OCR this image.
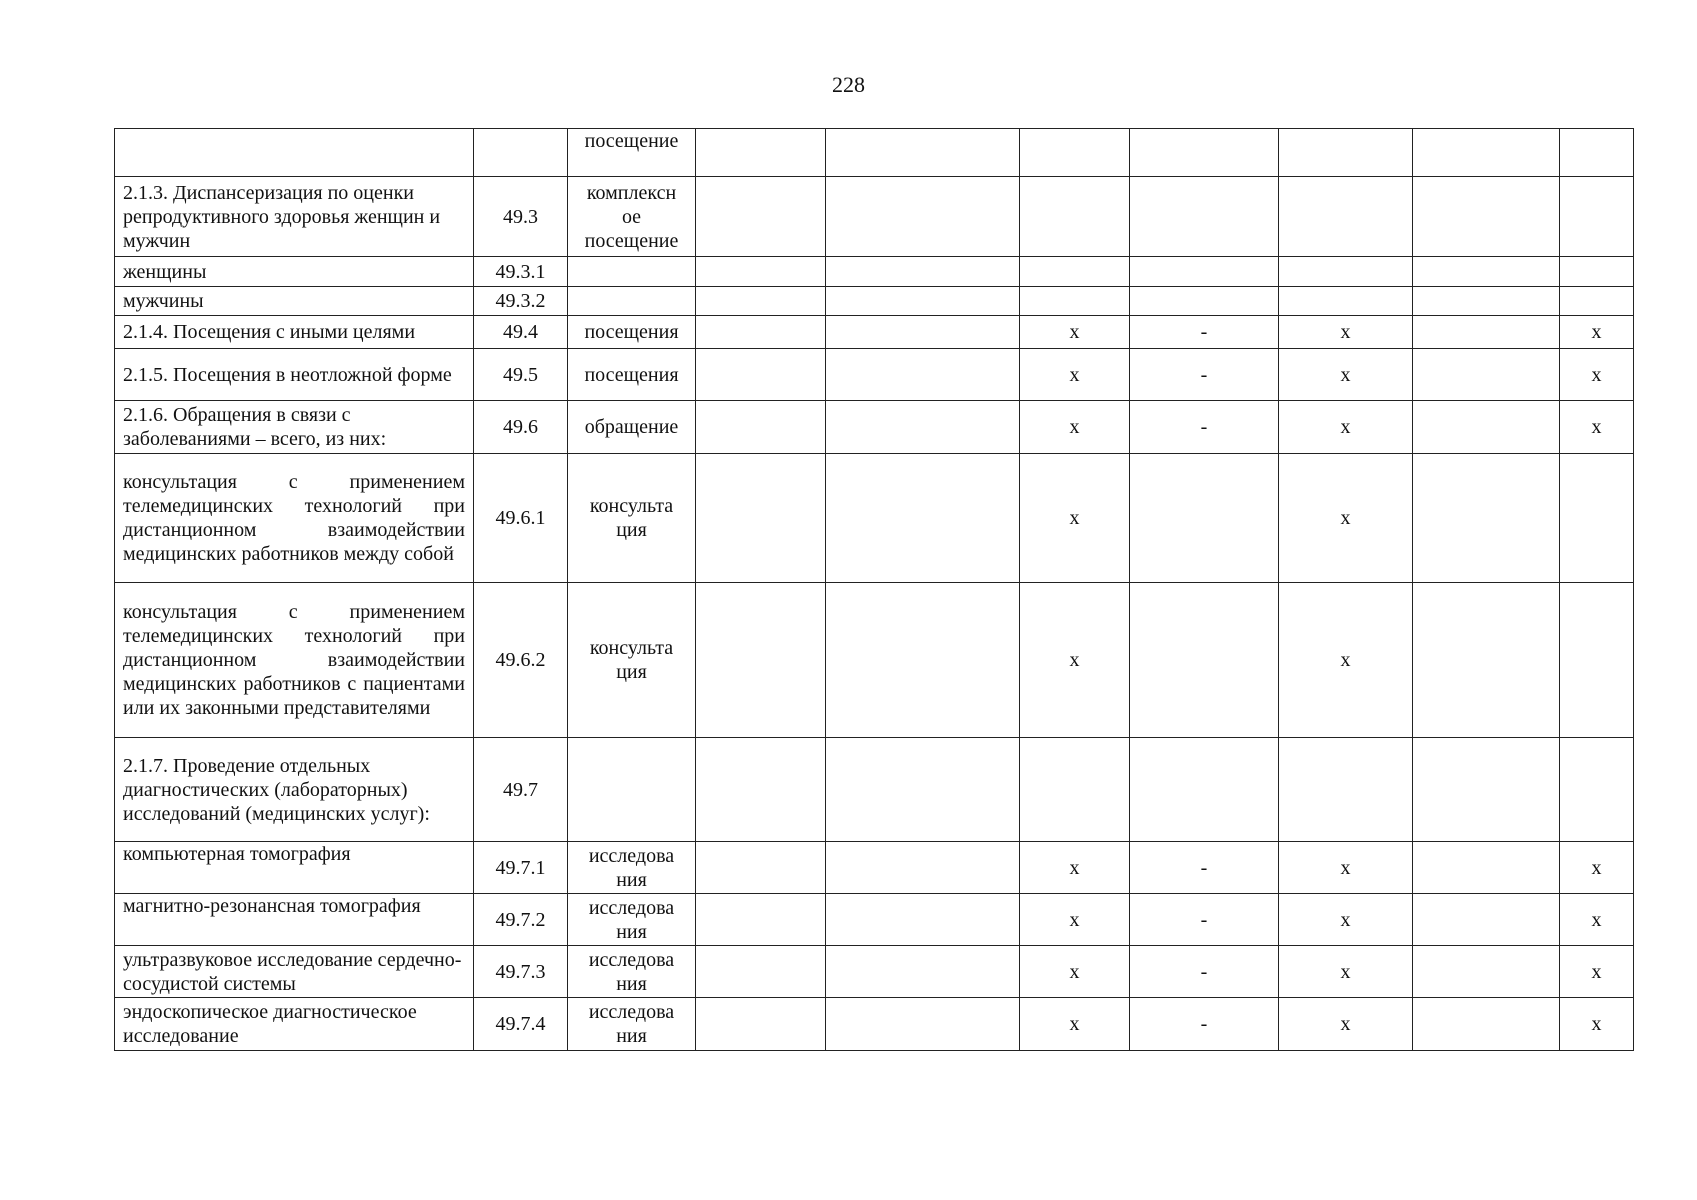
228
		посещение							
2.1.3. Диспансеризация по оценки репродуктивного здоровья женщин и мужчин	49.3	комплексн ое посещение							
женщины	49.3.1								
мужчины	49.3.2								
2.1.4. Посещения с иными целями	49.4	посещения			х	-	х		х
2.1.5. Посещения в неотложной форме	49.5	посещения			х	-	х		х
2.1.6. Обращения в связи с заболеваниями – всего, из них:	49.6	обращение			х	-	х		х
консультация с применением телемедицинских технологий при дистанционном взаимодействии медицинских работников между собой	49.6.1	консульта ция			х		х		
консультация с применением телемедицинских технологий при дистанционном взаимодействии медицинских работников с пациентами или их законными представителями	49.6.2	консульта ция			х		х		
2.1.7. Проведение отдельных диагностических (лабораторных) исследований (медицинских услуг):	49.7								
компьютерная томография	49.7.1	исследова ния			х	-	х		х
магнитно-резонансная томография	49.7.2	исследова ния			х	-	х		х
ультразвуковое исследование сердечно-сосудистой системы	49.7.3	исследова ния			х	-	х		х
эндоскопическое диагностическое исследование	49.7.4	исследова ния			х	-	х		х
